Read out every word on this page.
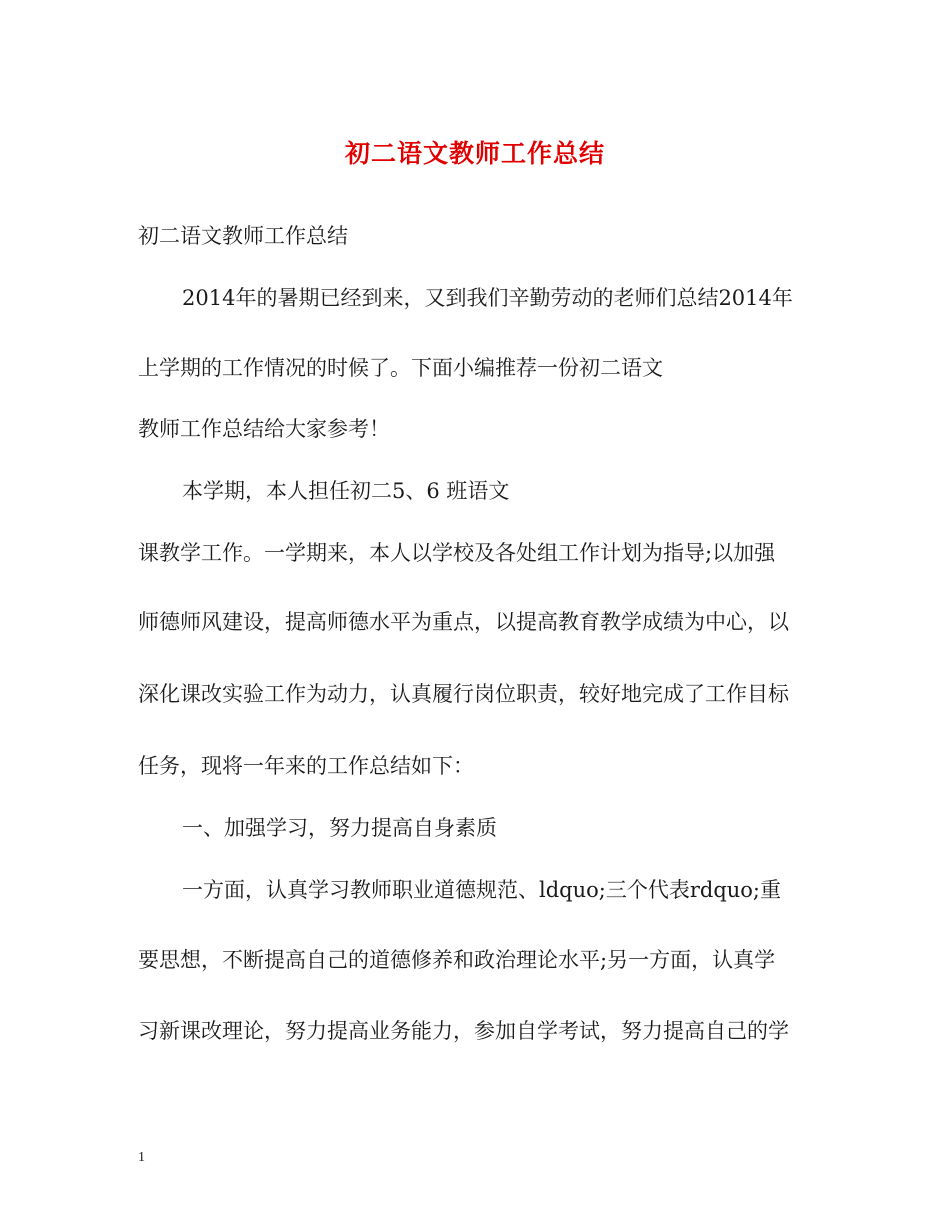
初二语文教师工作总结
初二语文教师工作总结
2014年的暑期已经到来，又到我们辛勤劳动的老师们总结2014年
上学期的工作情况的时候了。下面小编推荐一份初二语文
教师工作总结给大家参考！
本学期，本人担任初二5、6 班语文
课教学工作。一学期来，本人以学校及各处组工作计划为指导;以加强
师德师风建设，提高师德水平为重点，以提高教育教学成绩为中心，以
深化课改实验工作为动力，认真履行岗位职责，较好地完成了工作目标
任务，现将一年来的工作总结如下：
一、加强学习，努力提高自身素质
一方面，认真学习教师职业道德规范、ldquo;三个代表rdquo;重
要思想，不断提高自己的道德修养和政治理论水平;另一方面，认真学
习新课改理论，努力提高业务能力，参加自学考试，努力提高自己的学
1
